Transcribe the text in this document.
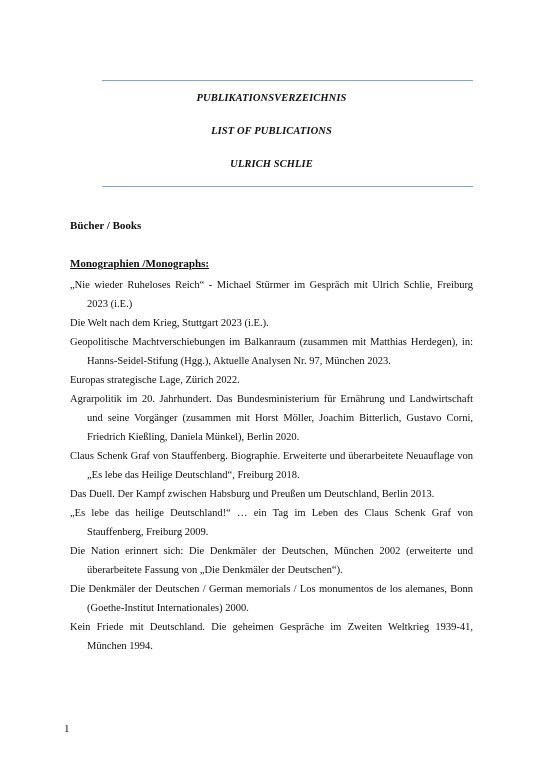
PUBLIKATIONSVERZEICHNIS
LIST OF PUBLICATIONS
ULRICH SCHLIE
Bücher / Books
Monographien /Monographs:
„Nie wieder Ruheloses Reich“ - Michael Stürmer im Gespräch mit Ulrich Schlie, Freiburg 2023 (i.E.)
Die Welt nach dem Krieg, Stuttgart 2023 (i.E.).
Geopolitische Machtverschiebungen im Balkanraum (zusammen mit Matthias Herdegen), in: Hanns-Seidel-Stifung (Hgg.), Aktuelle Analysen Nr. 97, München 2023.
Europas strategische Lage, Zürich 2022.
Agrarpolitik im 20. Jahrhundert. Das Bundesministerium für Ernährung und Landwirtschaft und seine Vorgänger (zusammen mit Horst Möller, Joachim Bitterlich, Gustavo Corni, Friedrich Kießling, Daniela Münkel), Berlin 2020.
Claus Schenk Graf von Stauffenberg. Biographie. Erweiterte und überarbeitete Neuauflage von „Es lebe das Heilige Deutschland“, Freiburg 2018.
Das Duell. Der Kampf zwischen Habsburg und Preußen um Deutschland, Berlin 2013.
„Es lebe das heilige Deutschland!“ … ein Tag im Leben des Claus Schenk Graf von Stauffenberg, Freiburg 2009.
Die Nation erinnert sich: Die Denkmäler der Deutschen, München 2002 (erweiterte und überarbeitete Fassung von „Die Denkmäler der Deutschen“).
Die Denkmäler der Deutschen / German memorials / Los monumentos de los alemanes, Bonn (Goethe-Institut Internationales) 2000.
Kein Friede mit Deutschland. Die geheimen Gespräche im Zweiten Weltkrieg 1939-41, München 1994.
1
